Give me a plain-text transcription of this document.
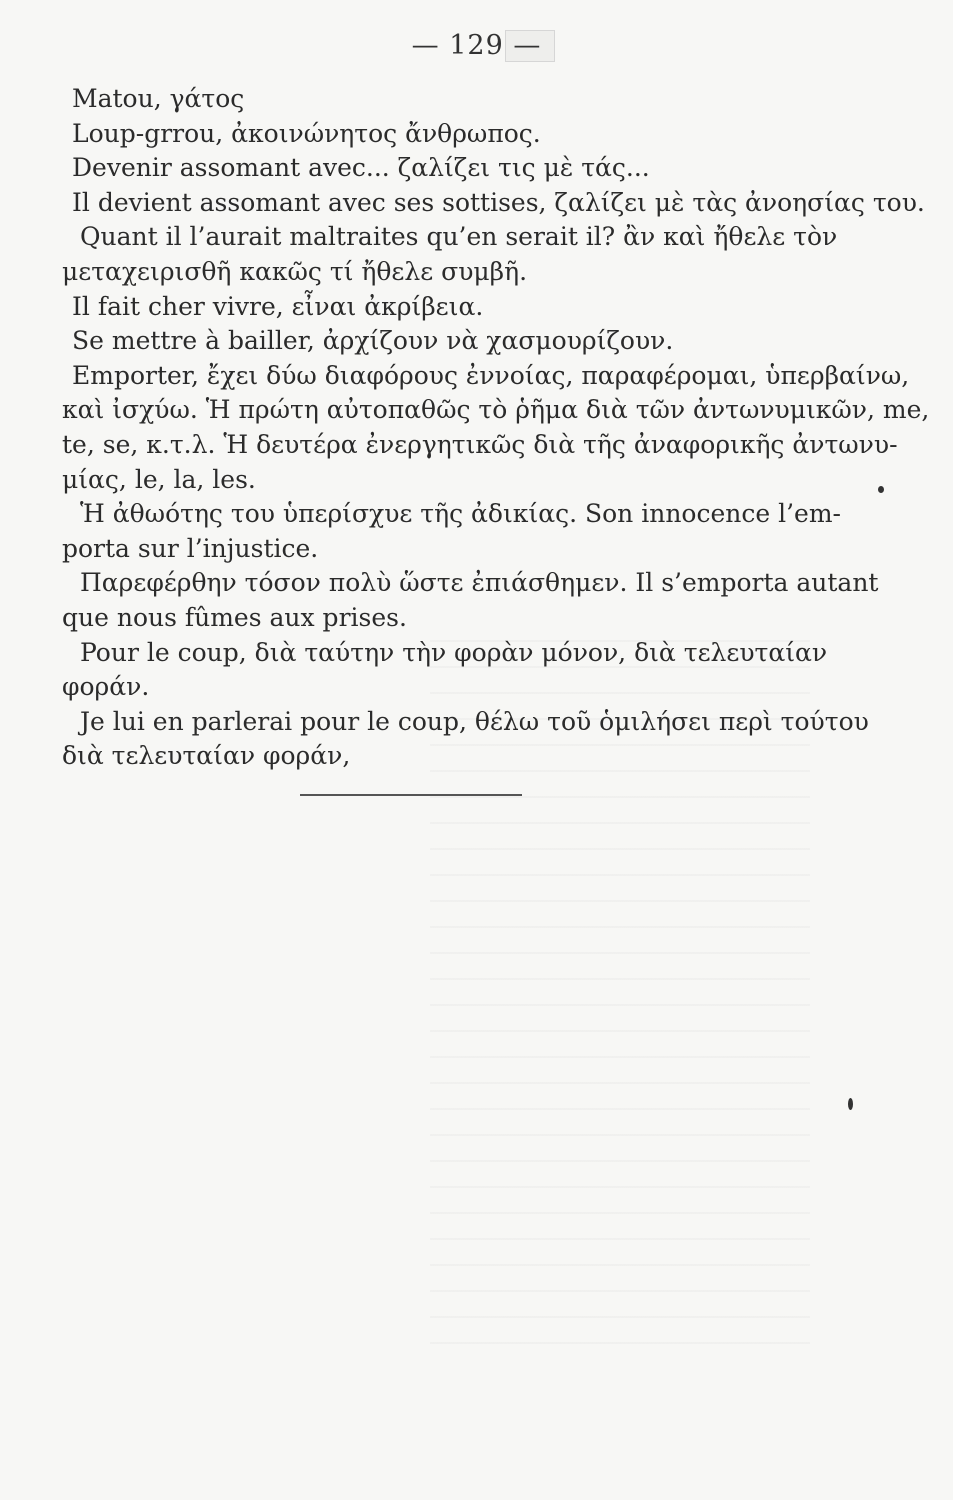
— 129 —
Matou, γάτος
Loup-grrou, ἀκοινώνητος ἄνθρωπος.
Devenir assomant avec... ζαλίζει τις μὲ τάς...
Il devient assomant avec ses sottises, ζαλίζει μὲ τὰς ἀνοησίας του.
Quant il l’aurait maltraites qu’en serait il? ἂν καὶ ἤθελε τὸν
μεταχειρισθῆ κακῶς τί ἤθελε συμβῆ.
Il fait cher vivre, εἶναι ἀκρίβεια.
Se mettre à bailler, ἀρχίζουν νὰ χασμουρίζουν.
Emporter, ἔχει δύω διαφόρους ἐννοίας, παραφέρομαι, ὑπερβαίνω,
καὶ ἰσχύω. Ἡ πρώτη αὐτοπαθῶς τὸ ῥῆμα διὰ τῶν ἀντωνυμικῶν, me,
te, se, κ.τ.λ. Ἡ δευτέρα ἐνεργητικῶς διὰ τῆς ἀναφορικῆς ἀντωνυ-
μίας, le, la, les.
Ἡ ἀθωότης του ὑπερίσχυε τῆς ἀδικίας. Son innocence l’em-
porta sur l’injustice.
Παρεφέρθην τόσον πολὺ ὥστε ἐπιάσθημεν. Il s’emporta autant
que nous fûmes aux prises.
Pour le coup, διὰ ταύτην τὴν φορὰν μόνον, διὰ τελευταίαν
φοράν.
Je lui en parlerai pour le coup, θέλω τοῦ ὁμιλήσει περὶ τούτου
διὰ τελευταίαν φοράν,
